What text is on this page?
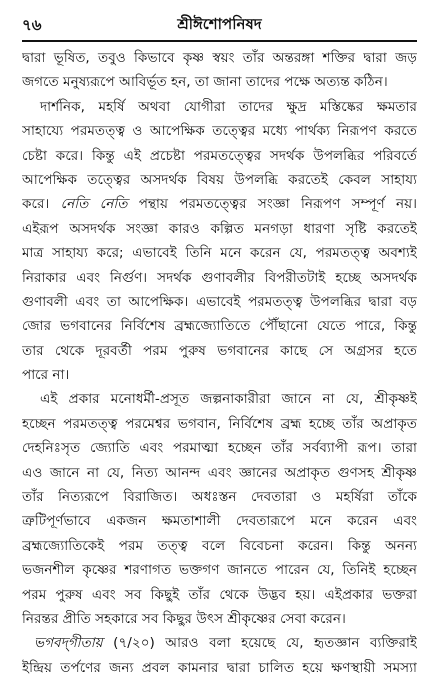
৭৬	শ্রীঈশোপনিষদ
দ্বারা ভূষিত, তবুও কিভাবে কৃষ্ণ স্বয়ং তাঁর অন্তরঙ্গা শক্তির দ্বারা জড়
জগতে মনুষ্যরূপে আবির্ভূত হন, তা জানা তাদের পক্ষে অত্যন্ত কঠিন।
দার্শনিক, মহর্ষি অথবা যোগীরা তাদের ক্ষুদ্র মস্তিষ্কের ক্ষমতার
সাহায্যে পরমতত্ত্ব ও আপেক্ষিক তত্ত্বের মধ্যে পার্থক্য নিরূপণ করতে
চেষ্টা করে। কিন্তু এই প্রচেষ্টা পরমতত্ত্বের সদর্থক উপলব্ধির পরিবর্তে
আপেক্ষিক তত্ত্বের অসদর্থক বিষয় উপলব্ধি করতেই কেবল সাহায্য
করে। নেতি নেতি পন্থায় পরমতত্ত্বের সংজ্ঞা নিরূপণ সম্পূর্ণ নয়।
এইরূপ অসদর্থক সংজ্ঞা কারও কল্পিত মনগড়া ধারণা সৃষ্টি করতেই
মাত্র সাহায্য করে; এভাবেই তিনি মনে করেন যে, পরমতত্ত্ব অবশ্যই
নিরাকার এবং নির্গুণ। সদর্থক গুণাবলীর বিপরীতটাই হচ্ছে অসদর্থক
গুণাবলী এবং তা আপেক্ষিক। এভাবেই পরমতত্ত্ব উপলব্ধির দ্বারা বড়
জোর ভগবানের নির্বিশেষ ব্রহ্মজ্যোতিতে পৌঁছানো যেতে পারে, কিন্তু
তার থেকে দূরবর্তী পরম পুরুষ ভগবানের কাছে সে অগ্রসর হতে
পারে না।
এই প্রকার মনোধর্মী-প্রসূত জল্পনাকারীরা জানে না যে, শ্রীকৃষ্ণই
হচ্ছেন পরমতত্ত্ব পরমেশ্বর ভগবান, নির্বিশেষ ব্রহ্ম হচ্ছে তাঁর অপ্রাকৃত
দেহনিঃসৃত জ্যোতি এবং পরমাত্মা হচ্ছেন তাঁর সর্বব্যাপী রূপ। তারা
এও জানে না যে, নিত্য আনন্দ এবং জ্ঞানের অপ্রাকৃত গুণসহ শ্রীকৃষ্ণ
তাঁর নিত্যরূপে বিরাজিত। অধঃস্তন দেবতারা ও মহর্ষিরা তাঁকে
ত্রুটিপূর্ণভাবে একজন ক্ষমতাশালী দেবতারূপে মনে করেন এবং
ব্রহ্মজ্যোতিকেই পরম তত্ত্ব বলে বিবেচনা করেন। কিন্তু অনন্য
ভজনশীল কৃষ্ণের শরণাগত ভক্তগণ জানতে পারেন যে, তিনিই হচ্ছেন
পরম পুরুষ এবং সব কিছুই তাঁর থেকে উদ্ভব হয়। এইপ্রকার ভক্তরা
নিরন্তর প্রীতি সহকারে সব কিছুর উৎস শ্রীকৃষ্ণের সেবা করেন।
ভগবদ্‌গীতায় (৭/২০) আরও বলা হয়েছে যে, হৃতজ্ঞান ব্যক্তিরাই
ইন্দ্রিয় তর্পণের জন্য প্রবল কামনার দ্বারা চালিত হয়ে ক্ষণস্থায়ী সমস্যা
